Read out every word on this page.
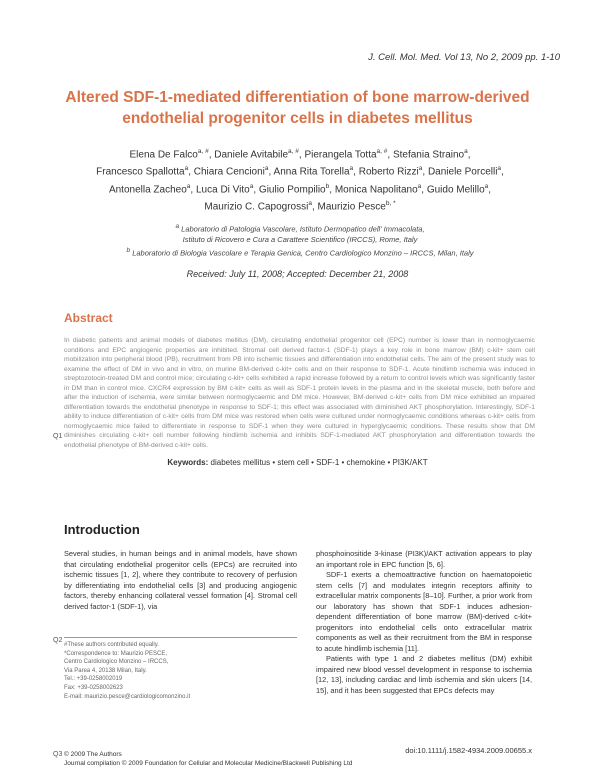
J. Cell. Mol. Med. Vol 13, No 2, 2009 pp. 1-10
Altered SDF-1-mediated differentiation of bone marrow-derived
endothelial progenitor cells in diabetes mellitus
Elena De Falco$^{a, \#}$, Daniele Avitabile$^{a, \#}$, Pierangela Totta$^{a, \#}$, Stefania Straino$^a$,
Francesco Spallotta$^a$, Chiara Cencioni$^a$, Anna Rita Torella$^a$, Roberto Rizzi$^a$, Daniele Porcelli$^a$,
Antonella Zacheo$^a$, Luca Di Vito$^a$, Giulio Pompilio$^b$, Monica Napolitano$^a$, Guido Melillo$^a$,
Maurizio C. Capogrossi$^a$, Maurizio Pesce$^{b, *}$
$^a$ Laboratorio di Patologia Vascolare, Istituto Dermopatico dell' Immacolata,
Istituto di Ricovero e Cura a Carattere Scientifico (IRCCS), Rome, Italy
$^b$ Laboratorio di Biologia Vascolare e Terapia Genica, Centro Cardiologico Monzino – IRCCS, Milan, Italy
Received: July 11, 2008; Accepted: December 21, 2008
Abstract
In diabetic patients and animal models of diabetes mellitus (DM), circulating endothelial progenitor cell (EPC) number is lower than in normoglycaemic conditions and EPC angiogenic properties are inhibited. Stromal cell derived factor-1 (SDF-1) plays a key role in bone marrow (BM) c-kit+ stem cell mobilization into peripheral blood (PB), recruitment from PB into ischemic tissues and differentiation into endothelial cells. The aim of the present study was to examine the effect of DM in vivo and in vitro, on murine BM-derived c-kit+ cells and on their response to SDF-1. Acute hindlimb ischemia was induced in streptozotocin-treated DM and control mice; circulating c-kit+ cells exhibited a rapid increase followed by a return to control levels which was significantly faster in DM than in control mice. CXCR4 expression by BM c-kit+ cells as well as SDF-1 protein levels in the plasma and in the skeletal muscle, both before and after the induction of ischemia, were similar between normoglycaemic and DM mice. However, BM-derived c-kit+ cells from DM mice exhibited an impaired differentiation towards the endothelial phenotype in response to SDF-1; this effect was associated with diminished AKT phosphorylation. Interestingly, SDF-1 ability to induce differentiation of c-kit+ cells from DM mice was restored when cells were cultured under normoglycaemic conditions whereas c-kit+ cells from normoglycaemic mice failed to differentiate in response to SDF-1 when they were cultured in hyperglycaemic conditions. These results show that DM diminishes circulating c-kit+ cell number following hindlimb ischemia and inhibits SDF-1-mediated AKT phosphorylation and differentiation towards the endothelial phenotype of BM-derived c-kit+ cells.
Q1
Keywords: diabetes mellitus • stem cell • SDF-1 • chemokine • PI3K/AKT
Introduction

Several studies, in human beings and in animal models, have shown that circulating endothelial progenitor cells (EPCs) are recruited into ischemic tissues [1, 2], where they contribute to recovery of perfusion by differentiating into endothelial cells [3] and producing angiogenic factors, thereby enhancing collateral vessel formation [4]. Stromal cell derived factor-1 (SDF-1), via

phosphoinositide 3-kinase (PI3K)/AKT activation appears to play an important role in EPC function [5, 6].

SDF-1 exerts a chemoattractive function on haematopoietic stem cells [7] and modulates integrin receptors affinity to extracellular matrix components [8–10]. Further, a prior work from our laboratory has shown that SDF-1 induces adhesion-dependent differentiation of bone marrow (BM)-derived c-kit+ progenitors into endothelial cells onto extracellular matrix components as well as their recruitment from the BM in response to acute hindlimb ischemia [11].

Patients with type 1 and 2 diabetes mellitus (DM) exhibit impaired new blood vessel development in response to ischemia [12, 13], including cardiac and limb ischemia and skin ulcers [14, 15], and it has been suggested that EPCs defects may

Q2
#These authors contributed equally.
*Correspondence to: Maurizio PESCE,
Centro Cardiologico Monzino – IRCCS,
Via Parea 4, 20138 Milan, Italy.
Tel.: +39-0258002019
Fax: +39-0258002623
E-mail: maurizio.pesce@cardiologicomonzino.it
doi:10.1111/j.1582-4934.2009.00655.x
Q3 © 2009 The Authors
Journal compilation © 2009 Foundation for Cellular and Molecular Medicine/Blackwell Publishing Ltd
